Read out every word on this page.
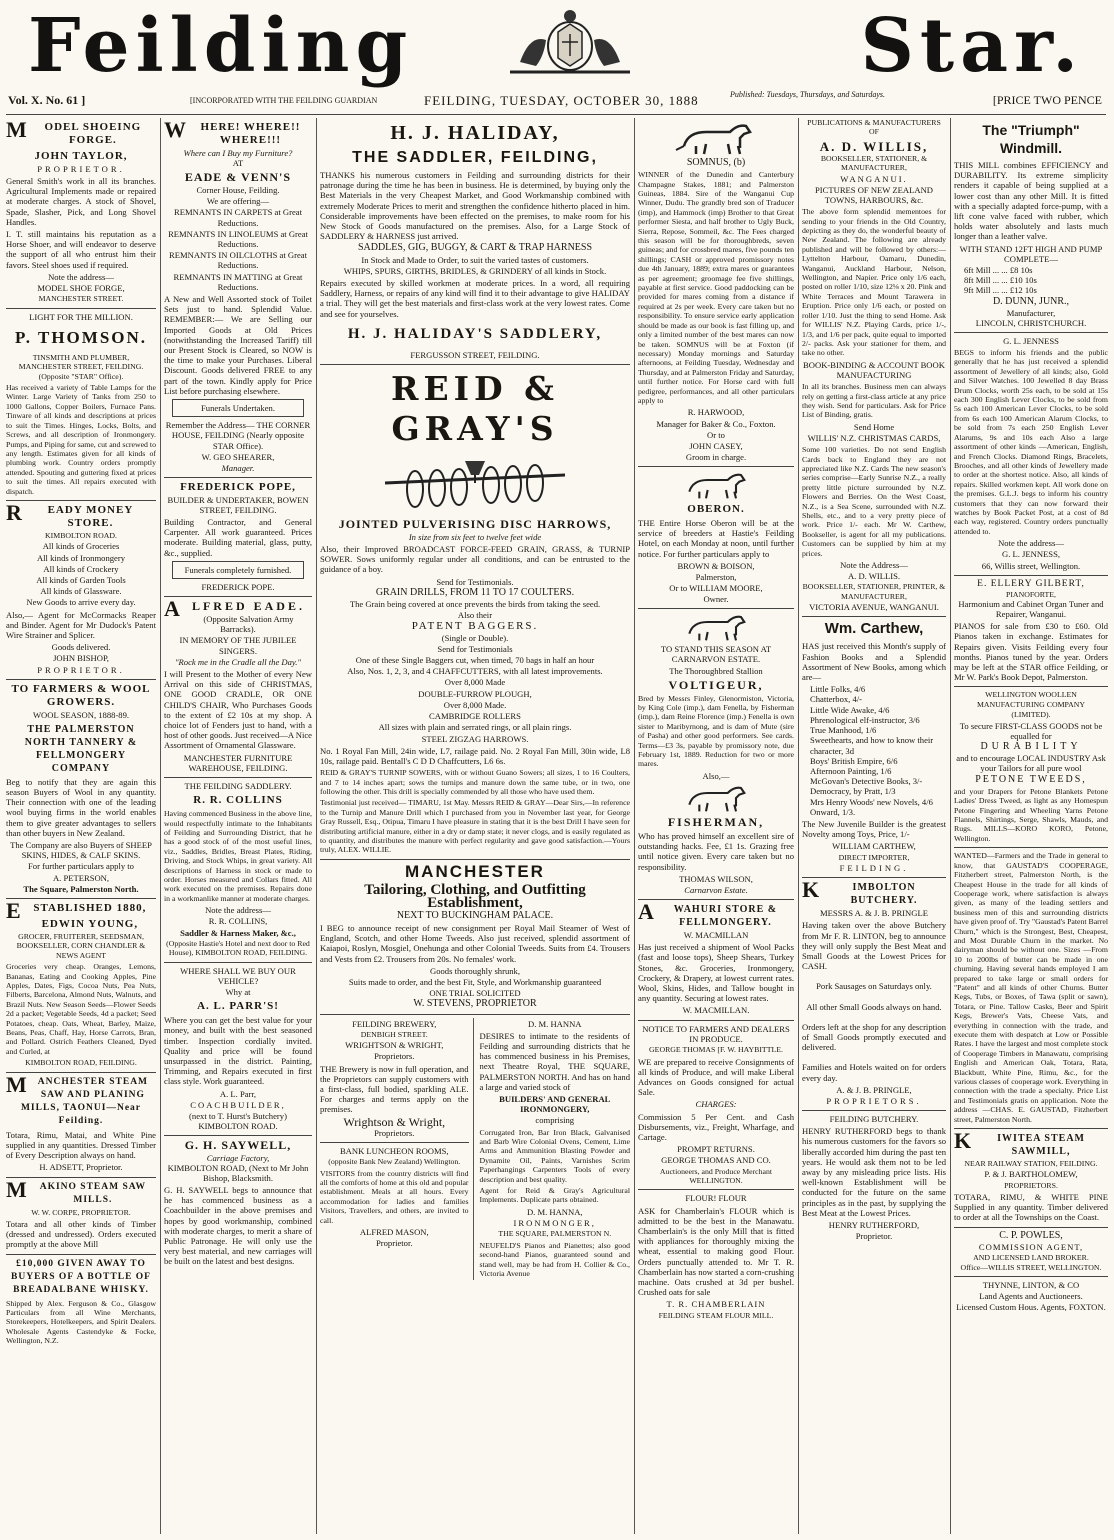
Feilding	Star.
Vol. X. No. 61 ]	[INCORPORATED WITH THE FEILDING GUARDIAN	FEILDING, TUESDAY, OCTOBER 30, 1888	Published: Tuesdays, Thursdays, and Saturdays.	[PRICE TWO PENCE
MODEL SHOEING FORGE.
JOHN TAYLOR,
PROPRIETOR.
General Smith's work in all its branches. Agricultural Implements made or repaired at moderate charges. A stock of Shovel, Spade, Slasher, Pick, and Long Shovel Handles.
I. T. still maintains his reputation as a Horse Shoer, and will endeavor to deserve the support of all who entrust him their favors. Steel shoes used if required.
Note the address—
MODEL SHOE FORGE,
MANCHESTER STREET.
LIGHT FOR THE MILLION.
P. THOMSON.
TINSMITH AND PLUMBER, MANCHESTER STREET, FEILDING. (Opposite "STAR" Office).
Has received a variety of Table Lamps for the Winter. Large Variety of Tanks from 250 to 1000 Gallons, Copper Boilers, Furnace Pans. Tinware of all kinds and descriptions at prices to suit the Times. Hinges, Locks, Bolts, and Screws, and all description of Ironmongery. Pumps, and Piping for same, cut and screwed to any length. Estimates given for all kinds of plumbing work. Country orders promptly attended. Spouting and guttering fixed at prices to suit the times. All repairs executed with dispatch.
READY MONEY STORE.
KIMBOLTON ROAD.
All kinds of Groceries
All kinds of Ironmongery
All kinds of Crockery
All kinds of Garden Tools
All kinds of Glassware.
New Goods to arrive every day.
Also,— Agent for McCormacks Reaper and Binder. Agent for Mr Dudock's Patent Wire Strainer and Splicer.
Goods delivered.
JOHN BISHOP,
PROPRIETOR.
TO FARMERS & WOOL GROWERS.
WOOL SEASON, 1888-89.
THE PALMERSTON NORTH TANNERY & FELLMONGERY COMPANY
Beg to notify that they are again this season Buyers of Wool in any quantity. Their connection with one of the leading wool buying firms in the world enables them to give greater advantages to sellers than other buyers in New Zealand.
The Company are also Buyers of SHEEP SKINS, HIDES, & CALF SKINS.
For further particulars apply to
A. PETERSON,
The Square, Palmerston North.
ESTABLISHED 1880,
EDWIN YOUNG,
GROCER, FRUITERER, SEEDSMAN, BOOKSELLER, CORN CHANDLER & NEWS AGENT
Groceries very cheap. Oranges, Lemons, Bananas, Eating and Cooking Apples, Pine Apples, Dates, Figs, Cocoa Nuts, Pea Nuts, Filberts, Barcelona, Almond Nuts, Walnuts, and Brazil Nuts. New Season Seeds—Flower Seeds 2d a packet; Vegetable Seeds, 4d a packet; Seed Potatoes, cheap. Oats, Wheat, Barley, Maize, Beans, Peas, Chaff, Hay, Horse Carrots, Bran, and Pollard. Ostrich Feathers Cleaned, Dyed and Curled, at
KIMBOLTON ROAD, FEILDING.
MANCHESTER STEAM SAW AND PLANING MILLS, TAONUI—Near Feilding.
Totara, Rimu, Matai, and White Pine supplied in any quantities. Dressed Timber of Every Description always on hand.
H. ADSETT, Proprietor.
MAKINO STEAM SAW MILLS.
W. W. CORPE, PROPRIETOR.
Totara and all other kinds of Timber (dressed and undressed). Orders executed promptly at the above Mill
£10,000 GIVEN AWAY TO BUYERS OF A BOTTLE OF BREADALBANE WHISKY.
Shipped by Alex. Ferguson & Co., Glasgow Particulars from all Wine Merchants, Storekeepers, Hotelkeepers, and Spirit Dealers. Wholesale Agents Castendyke & Focke, Wellington, N.Z.
WHERE! WHERE!! WHERE!!!
Where can I Buy my Furniture?
AT
EADE & VENN'S
Corner House, Feilding.
We are offering—
REMNANTS IN CARPETS at Great Reductions.
REMNANTS IN LINOLEUMS at Great Reductions.
REMNANTS IN OILCLOTHS at Great Reductions.
REMNANTS IN MATTING at Great Reductions.
A New and Well Assorted stock of Toilet Sets just to hand. Splendid Value. REMEMBER:— We are Selling our Imported Goods at Old Prices (notwithstanding the Increased Tariff) till our Present Stock is Cleared, so NOW is the time to make your Purchases. Liberal Discount. Goods delivered FREE to any part of the town. Kindly apply for Price List before purchasing elsewhere.
Funerals Undertaken.
Remember the Address— THE CORNER HOUSE, FEILDING (Nearly opposite STAR Office).
W. GEO SHEARER,
Manager.
FREDERICK POPE,
BUILDER & UNDERTAKER, BOWEN STREET, FEILDING.
Building Contractor, and General Carpenter. All work guaranteed. Prices moderate. Building material, glass, putty, &c., supplied.
Funerals completely furnished.
FREDERICK POPE.
ALFRED EADE.
(Opposite Salvation Army Barracks).
IN MEMORY OF THE JUBILEE SINGERS.
"Rock me in the Cradle all the Day."
I will Present to the Mother of every New Arrival on this side of CHRISTMAS, ONE GOOD CRADLE, OR ONE CHILD'S CHAIR, Who Purchases Goods to the extent of £2 10s at my shop. A choice lot of Fenders just to hand, with a host of other goods. Just received—A Nice Assortment of Ornamental Glassware.
MANCHESTER FURNITURE WAREHOUSE, FEILDING.
THE FEILDING SADDLERY.
R. R. COLLINS
Having commenced Business in the above line, would respectfully intimate to the Inhabitants of Feilding and Surrounding District, that he has a good stock of of the most useful lines, viz., Saddles, Bridles, Breast Plates, Riding, Driving, and Stock Whips, in great variety. All descriptions of Harness in stock or made to order. Horses measured and Collars fitted. All work executed on the premises. Repairs done in a workmanlike manner at moderate charges.
Note the address—
R. R. COLLINS,
Saddler & Harness Maker, &c.,
(Opposite Hastie's Hotel and next door to Red House), KIMBOLTON ROAD, FEILDING.
WHERE SHALL WE BUY OUR VEHICLE?
Why at
A. L. PARR'S!
Where you can get the best value for your money, and built with the best seasoned timber. Inspection cordially invited. Quality and price will be found unsurpassed in the district. Painting, Trimming, and Repairs executed in first class style. Work guaranteed.
A. L. Parr,
COACHBUILDER,
(next to T. Hurst's Butchery) KIMBOLTON ROAD.
G. H. SAYWELL,
Carriage Factory,
KIMBOLTON ROAD, (Next to Mr John Bishop, Blacksmith.
G. H. SAYWELL begs to announce that he has commenced business as a Coachbuilder in the above premises and hopes by good workmanship, combined with moderate charges, to merit a share of Public Patronage. He will only use the very best material, and new carriages will be built on the latest and best designs.
H. J. HALIDAY,
THE SADDLER, FEILDING,
THANKS his numerous customers in Feilding and surrounding districts for their patronage during the time he has been in business. He is determined, by buying only the Best Materials in the very Cheapest Market, and Good Workmanship combined with extremely Moderate Prices to merit and strengthen the confidence hitherto placed in him. Considerable improvements have been effected on the premises, to make room for his New Stock of Goods manufactured on the premises. Also, for a Large Stock of SADDLERY & HARNESS just arrived.
SADDLES, GIG, BUGGY, & CART & TRAP HARNESS
In Stock and Made to Order, to suit the varied tastes of customers.
WHIPS, SPURS, GIRTHS, BRIDLES, & GRINDERY of all kinds in Stock.
Repairs executed by skilled workmen at moderate prices. In a word, all requiring Saddlery, Harness, or repairs of any kind will find it to their advantage to give HALIDAY a trial. They will get the best materials and first-class work at the very lowest rates. Come and see for yourselves.
H. J. HALIDAY'S SADDLERY,
FERGUSSON STREET, FEILDING.
REID & GRAY'S
JOINTED PULVERISING DISC HARROWS,
In size from six feet to twelve feet wide
Also, their Improved BROADCAST FORCE-FEED GRAIN, GRASS, & TURNIP SOWER. Sows uniformly regular under all conditions, and can be entrusted to the guidance of a boy.
Send for Testimonials.
GRAIN DRILLS, FROM 11 TO 17 COULTERS.
The Grain being covered at once prevents the birds from taking the seed.
Also their
PATENT BAGGERS.
(Single or Double).
Send for Testimonials
One of these Single Baggers cut, when timed, 70 bags in half an hour
Also, Nos. 1, 2, 3, and 4 CHAFFCUTTERS, with all latest improvements.
Over 8,000 Made
DOUBLE-FURROW PLOUGH,
Over 8,000 Made.
CAMBRIDGE ROLLERS
All sizes with plain and serrated rings, or all plain rings.
STEEL ZIGZAG HARROWS.
No. 1 Royal Fan Mill, 24in wide, L7, railage paid. No. 2 Royal Fan Mill, 30in wide, L8 10s, railage paid. Bentall's C D D Chaffcutters, L6 6s.
REID & GRAY'S TURNIP SOWERS, with or without Guano Sowers; all sizes, 1 to 16 Coulters, and 7 to 14 inches apart; sows the turnips and manure down the same tube, or in two, one following the other. This drill is specially commended by all those who have used them.
Testimonial just received— TIMARU, 1st May. Messrs REID & GRAY—Dear Sirs,—In reference to the Turnip and Manure Drill which I purchased from you in November last year, for George Gray Russell, Esq., Otipua, Timaru I have pleasure in stating that it is the best Drill I have seen for distributing artificial manure, either in a dry or damp state; it never clogs, and is easily regulated as to quantity, and distributes the manure with perfect regularity and gave good satisfaction.—Yours truly, ALEX. WILLIE.
MANCHESTER
Tailoring, Clothing, and Outfitting Establishment,
NEXT TO BUCKINGHAM PALACE.
I BEG to announce receipt of new consignment per Royal Mail Steamer of West of England, Scotch, and other Home Tweeds. Also just received, splendid assortment of Kaiapoi, Roslyn, Mosgiel, Onehunga and other Colonial Tweeds. Suits from £4. Trousers and Vests from £2. Trousers from 20s. No females' work.
Goods thoroughly shrunk,
Suits made to order, and the best Fit, Style, and Workmanship guaranteed
ONE TRIAL SOLICITED
W. STEVENS, PROPRIETOR
FEILDING BREWERY,
DENBIGH STREET.
WRIGHTSON & WRIGHT,
Proprietors.
THE Brewery is now in full operation, and the Proprietors can supply customers with a first-class, full bodied, sparkling ALE. For charges and terms apply on the premises.
Wrightson & Wright,
Proprietors.
BANK LUNCHEON ROOMS,
(opposite Bank New Zealand) Wellington.
VISITORS from the country districts will find all the comforts of home at this old and popular establishment. Meals at all hours. Every accommodation for ladies and families Visitors, Travellers, and others, are invited to call.
ALFRED MASON,
Proprietor.
D. M. HANNA
DESIRES to intimate to the residents of Feilding and surrounding districts that he has commenced business in his Premises, next Theatre Royal, THE SQUARE, PALMERSTON NORTH. And has on hand a large and varied stock of
BUILDERS' AND GENERAL IRONMONGERY,
comprising
Corrugated Iron, Bar Iron Black, Galvanised and Barb Wire Colonial Ovens, Cement, Lime Arms and Ammunition Blasting Powder and Dynamite Oil, Paints, Varnishes Scrim Paperhangings Carpenters Tools of every description and best quality.
Agent for Reid & Gray's Agricultural Implements. Duplicate parts obtained.
D. M. HANNA,
IRONMONGER,
THE SQUARE, PALMERSTON N.
NEUFELD'S Pianos and Pianettes; also good second-hand Pianos, guaranteed sound and stand well, may be had from H. Collier & Co., Victoria Avenue
SOMNUS, (b)
WINNER of the Dunedin and Canterbury Champagne Stakes, 1881; and Palmerston Guineas, 1884. Sire of the Wanganui Cup Winner, Dudu. The grandly bred son of Traducer (imp), and Hammock (imp) Brother to that Great performer Siesta, and half brother to Ugly Buck, Sierra, Repose, Sommeil, &c. The Fees charged this season will be for thoroughbreds, seven guineas; and for crossbred mares, five pounds ten shillings; CASH or approved promissory notes due 4th January, 1889; extra mares or guarantees as per agreement; groomage fee five shillings, payable at first service. Good paddocking can be provided for mares coming from a distance if required at 2s per week. Every care taken but no responsibility. To ensure service early application should be made as our book is fast filling up, and only a limited number of the best mares can now be taken. SOMNUS will be at Foxton (if necessary) Monday mornings and Saturday afternoons, at Feilding Tuesday, Wednesday and Thursday, and at Palmerston Friday and Saturday, until further notice. For Horse card with full pedigree, performances, and all other particulars apply to
R. HARWOOD,
Manager for Baker & Co., Foxton.
Or to
JOHN CASEY,
Groom in charge.
OBERON.
THE Entire Horse Oberon will be at the service of breeders at Hastie's Feilding Hotel, on each Monday at noon, until further notice. For further particulars apply to
BROWN & BOISON,
Palmerston,
Or to WILLIAM MOORE,
Owner.
TO STAND THIS SEASON AT CARNARVON ESTATE.
The Thoroughbred Stallion
VOLTIGEUR,
Bred by Messrs Finley, Glenormiston, Victoria, by King Cole (imp.), dam Fenella, by Fisherman (imp.), dam Reine Florence (imp.) Fenella is own sister to Maribyrnong, and is dam of Mute (sire of Pasha) and other good performers. See cards. Terms—£3 3s, payable by promissory note, due February 1st, 1889. Reduction for two or more mares.
Also,—
FISHERMAN,
Who has proved himself an excellent sire of outstanding hacks. Fee, £1 1s. Grazing free until notice given. Every care taken but no responsibility.
THOMAS WILSON,
Carnarvon Estate.
AWAHURI STORE & FELLMONGERY.
W. MACMILLAN
Has just received a shipment of Wool Packs (fast and loose tops), Sheep Shears, Turkey Stones, &c. Groceries, Ironmongery, Crockery, & Drapery, at lowest current rates. Wool, Skins, Hides, and Tallow bought in any quantity. Securing at lowest rates.
W. MACMILLAN.
NOTICE TO FARMERS AND DEALERS IN PRODUCE.
GEORGE THOMAS [F. W. HAYBITTLE.
WE are prepared to receive Consignments of all kinds of Produce, and will make Liberal Advances on Goods consigned for actual Sale.
CHARGES:
Commission 5 Per Cent. and Cash Disbursements, viz., Freight, Wharfage, and Cartage.
PROMPT RETURNS.
GEORGE THOMAS AND CO.
Auctioneers, and Produce Merchant WELLINGTON.
FLOUR! FLOUR
ASK for Chamberlain's FLOUR which is admitted to be the best in the Manawatu. Chamberlain's is the only Mill that is fitted with appliances for thoroughly mixing the wheat, essential to making good Flour. Orders punctually attended to. Mr T. R. Chamberlain has now started a corn-crushing machine. Oats crushed at 3d per bushel. Crushed oats for sale
T. R. CHAMBERLAIN
FEILDING STEAM FLOUR MILL.
PUBLICATIONS & MANUFACTURERS OF
A. D. WILLIS,
BOOKSELLER, STATIONER, & MANUFACTURER,
WANGANUI.
PICTURES OF NEW ZEALAND TOWNS, HARBOURS, &c.
The above form splendid mementoes for sending to your friends in the Old Country, depicting as they do, the wonderful beauty of New Zealand. The following are already published and will be followed by others:— Lyttelton Harbour, Oamaru, Dunedin, Wanganui, Auckland Harbour, Nelson, Wellington, and Napier. Price only 1/6 each, posted on roller 1/10, size 12⅛ x 20. Pink and White Terraces and Mount Tarawera in Eruption. Price only 1/6 each, or posted on roller 1/10. Just the thing to send Home. Ask for WILLIS' N.Z. Playing Cards, price 1/-, 1/3, and 1/6 per pack, quite equal to imported 2/- packs. Ask your stationer for them, and take no other.
BOOK-BINDING & ACCOUNT BOOK MANUFACTURING
In all its branches. Business men can always rely on getting a first-class article at any price they wish. Send for particulars. Ask for Price List of Binding, gratis.
Send Home
WILLIS' N.Z. CHRISTMAS CARDS,
Some 100 varieties. Do not send English Cards back to England they are not appreciated like N.Z. Cards The new season's series comprise—Early Sunrise N.Z., a really pretty little picture surrounded by N.Z. Flowers and Berries. On the West Coast, N.Z., is a Sea Scene, surrounded with N.Z. Shells, etc., and to a very pretty piece of work. Price 1/- each. Mr W. Carthew, Bookseller, is agent for all my publications. Customers can be supplied by him at my prices.
Note the Address—
A. D. WILLIS.
BOOKSELLER, STATIONER, PRINTER, & MANUFACTURER,
VICTORIA AVENUE, WANGANUI.
Wm. Carthew,
HAS just received this Month's supply of Fashion Books and a Splendid Assortment of New Books, among which are—
Little Folks, 4/6
Chatterbox, 4/-
Little Wide Awake, 4/6
Phrenological elf-instructor, 3/6
True Manhood, 1/6
Sweethearts, and how to know their character, 3d
Boys' British Empire, 6/6
Afternoon Painting, 1/6
McGovan's Detective Books, 3/-
Democracy, by Pratt, 1/3
Mrs Henry Woods' new Novels, 4/6
Onward, 1/3.
The New Juvenile Builder is the greatest Novelty among Toys, Price, 1/-
WILLIAM CARTHEW,
DIRECT IMPORTER,
FEILDING.
KIMBOLTON BUTCHERY.
MESSRS A. & J. B. PRINGLE
Having taken over the above Butchery from Mr F. R. LINTON, beg to announce they will only supply the Best Meat and Small Goods at the Lowest Prices for CASH.
Pork Sausages on Saturdays only.
All other Small Goods always on hand.
Orders left at the shop for any description of Small Goods promptly executed and delivered.
Families and Hotels waited on for orders every day.
A. & J. B. PRINGLE,
PROPRIETORS.
FEILDING BUTCHERY.
HENRY RUTHERFORD begs to thank his numerous customers for the favors so liberally accorded him during the past ten years. He would ask them not to be led away by any misleading price lists. His well-known Establishment will be conducted for the future on the same principles as in the past, by supplying the Best Meat at the Lowest Prices.
HENRY RUTHERFORD,
Proprietor.
The "Triumph" Windmill.
THIS MILL combines EFFICIENCY and DURABILITY. Its extreme simplicity renders it capable of being supplied at a lower cost than any other Mill. It is fitted with a specially adapted force-pump, with a lift cone valve faced with rubber, which holds water absolutely and lasts much longer than a leather valve.
WITH STAND 12FT HIGH AND PUMP COMPLETE—
6ft Mill ... ... £8 10s
8ft Mill ... ... £10 10s
9ft Mill ... ... £12 10s
D. DUNN, JUNR.,
Manufacturer,
LINCOLN, CHRISTCHURCH.
G. L. JENNESS
BEGS to inform his friends and the public generally that he has just received a splendid assortment of Jewellery of all kinds; also, Gold and Silver Watches. 100 Jewelled 8 day Brass Drum Clocks, worth 25s each, to be sold at 15s each 300 English Lever Clocks, to be sold from 5s each 100 American Lever Clocks, to be sold from 6s each 100 American Alarum Clocks, to be sold from 7s each 250 English Lever Alarums, 9s and 10s each Also a large assortment of other kinds —American, English, and French Clocks. Diamond Rings, Bracelets, Brooches, and all other kinds of Jewellery made to order at the shortest notice. Also, all kinds of repairs. Skilled workmen kept. All work done on the premises. G.L.J. begs to inform his country customers that they can now forward their watches by Book Packet Post, at a cost of 8d each way, registered. Country orders punctually attended to.
Note the address—
G. L. JENNESS,
66, Willis street, Wellington.
E. ELLERY GILBERT,
PIANOFORTE,
Harmonium and Cabinet Organ Tuner and Repairer, Wanganui.
PIANOS for sale from £30 to £60. Old Pianos taken in exchange. Estimates for Repairs given. Visits Feilding every four months. Pianos tuned by the year. Orders may be left at the STAR office Feilding, or Mr W. Park's Book Depot, Palmerston.
WELLINGTON WOOLLEN MANUFACTURING COMPANY
(LIMITED).
To secure FIRST-CLASS GOODS not be equalled for
DURABILITY
and to encourage LOCAL INDUSTRY Ask your Tailors for all pure wool
PETONE TWEEDS,
and your Drapers for Petone Blankets Petone Ladies' Dress Tweed, as light as any Homespun Petone Fingering and Wheeling Yarns Petone Flannels, Shirtings, Serge, Shawls, Mauds, and Rugs. MILLS—KORO KORO, Petone, Wellington.
WANTED—Farmers and the Trade in general to know, that GAUSTAD'S COOPERAGE, Fitzherbert street, Palmerston North, is the Cheapest House in the trade for all kinds of Cooperage work, where satisfaction is always given, as many of the leading settlers and business men of this and surrounding districts have given proof of. Try "Gaustad's Patent Barrel Churn," which is the Strongest, Best, Cheapest, and Most Durable Churn in the market. No dairyman should be without one. Sizes —From 10 to 200lbs of butter can be made in one churning. Having several hands employed I am prepared to take large or small orders for "Patent" and all kinds of other Churns. Butter Kegs, Tubs, or Boxes, of Tawa (split or sawn), Totara, or Pine. Tallow Casks, Beer and Spirit Kegs, Brewer's Vats, Cheese Vats, and everything in connection with the trade, and execute them with despatch at Low or Possible Rates. I have the largest and most complete stock of Cooperage Timbers in Manawatu, comprising English and American Oak, Totara, Rata, Blackbutt, White Pine, Rimu, &c., for the various classes of cooperage work. Everything in connection with the trade a specialty. Price List and Testimonials gratis on application. Note the address —CHAS. E. GAUSTAD, Fitzherbert street, Palmerston North.
KIWITEA STEAM SAWMILL,
NEAR RAILWAY STATION, FEILDING.
P. & J. BARTHOLOMEW,
PROPRIETORS.
TOTARA, RIMU, & WHITE PINE Supplied in any quantity. Timber delivered to order at all the Townships on the Coast.
C. P. POWLES,
COMMISSION AGENT,
AND LICENSED LAND BROKER.
Office—WILLIS STREET, WELLINGTON.
THYNNE, LINTON, & CO
Land Agents and Auctioneers.
Licensed Custom Hous. Agents, FOXTON.
